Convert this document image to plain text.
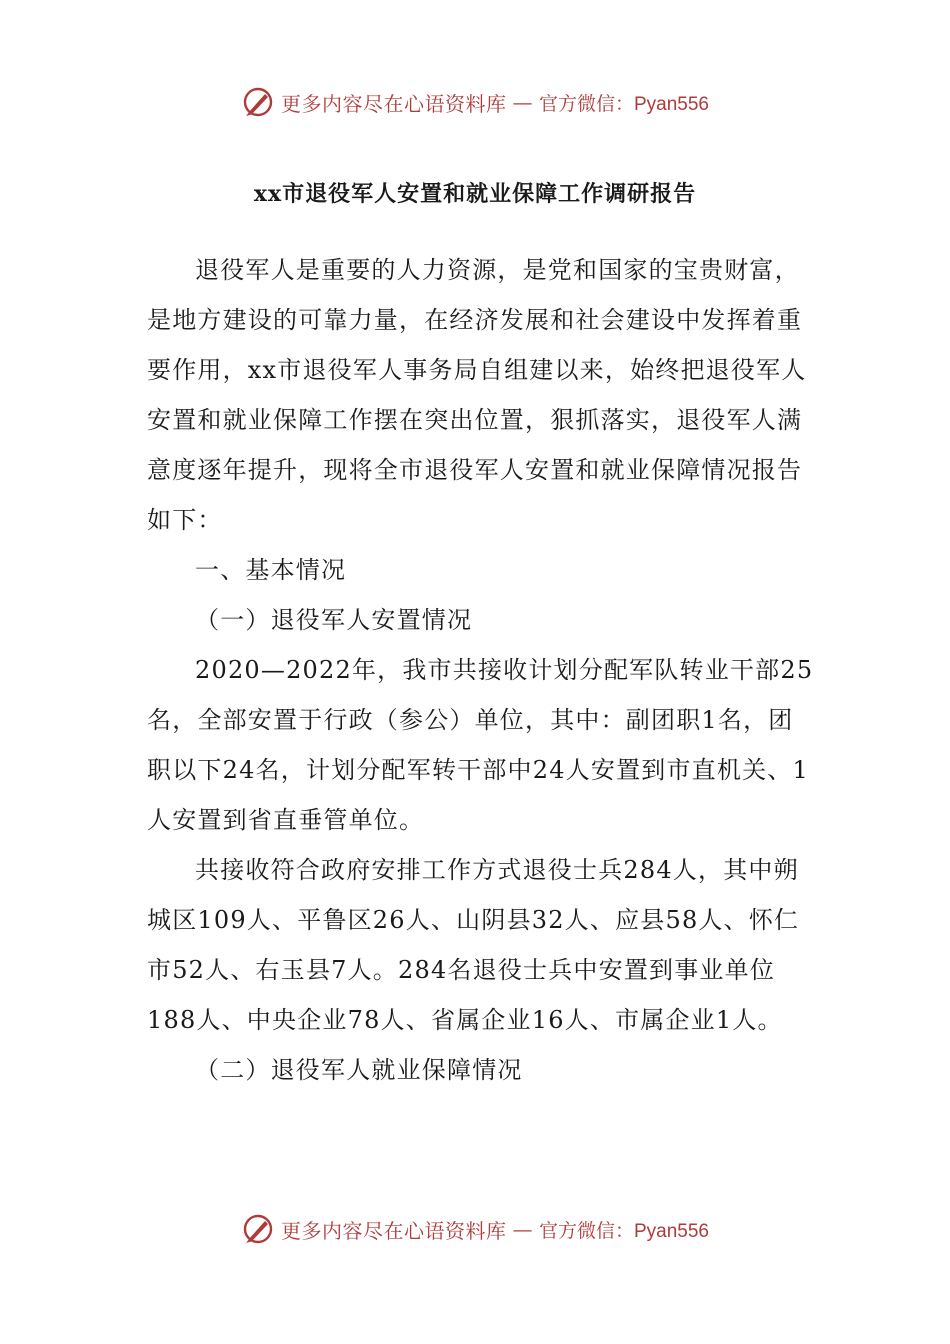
更多内容尽在心语资料库 — 官方微信：Pyan556
xx市退役军人安置和就业保障工作调研报告

退役军人是重要的人力资源，是党和国家的宝贵财富，是地方建设的可靠力量，在经济发展和社会建设中发挥着重要作用，xx市退役军人事务局自组建以来，始终把退役军人安置和就业保障工作摆在突出位置，狠抓落实，退役军人满意度逐年提升，现将全市退役军人安置和就业保障情况报告如下：

一、基本情况

（一）退役军人安置情况

2020—2022年，我市共接收计划分配军队转业干部25名，全部安置于行政（参公）单位，其中：副团职1名，团职以下24名，计划分配军转干部中24人安置到市直机关、1人安置到省直垂管单位。

共接收符合政府安排工作方式退役士兵284人，其中朔城区109人、平鲁区26人、山阴县32人、应县58人、怀仁市52人、右玉县7人。284名退役士兵中安置到事业单位188人、中央企业78人、省属企业16人、市属企业1人。

（二）退役军人就业保障情况

更多内容尽在心语资料库 — 官方微信：Pyan556
